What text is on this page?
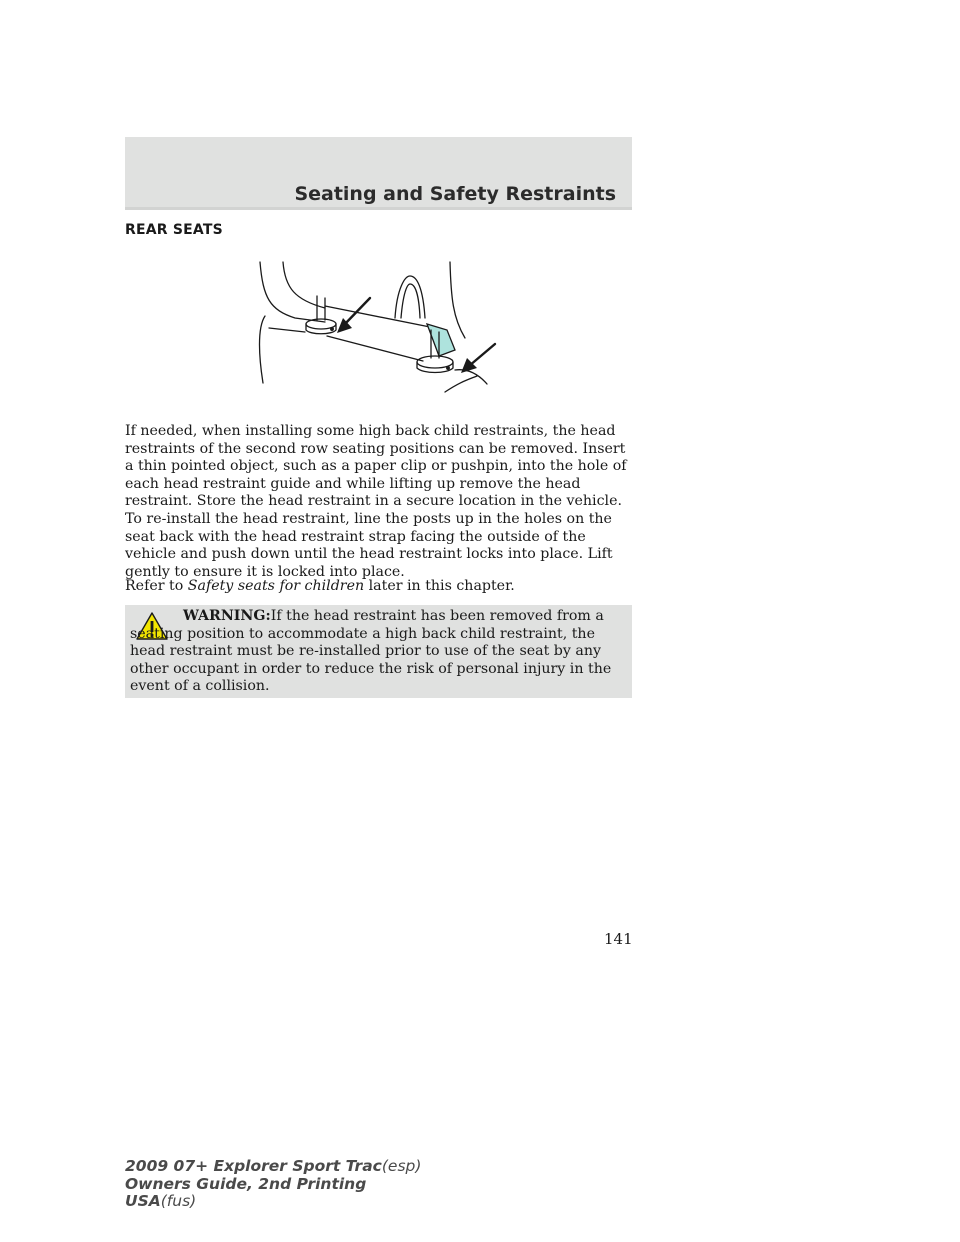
Seating and Safety Restraints
REAR SEATS
If needed, when installing some high back child restraints, the head restraints of the second row seating positions can be removed. Insert a thin pointed object, such as a paper clip or pushpin, into the hole of each head restraint guide and while lifting up remove the head restraint. Store the head restraint in a secure location in the vehicle. To re-install the head restraint, line the posts up in the holes on the seat back with the head restraint strap facing the outside of the vehicle and push down until the head restraint locks into place. Lift gently to ensure it is locked into place.
Refer to Safety seats for children later in this chapter.
WARNING:If the head restraint has been removed from a seating position to accommodate a high back child restraint, the head restraint must be re-installed prior to use of the seat by any other occupant in order to reduce the risk of personal injury in the event of a collision.
141
2009 07+ Explorer Sport Trac(esp)
Owners Guide, 2nd Printing
USA(fus)
